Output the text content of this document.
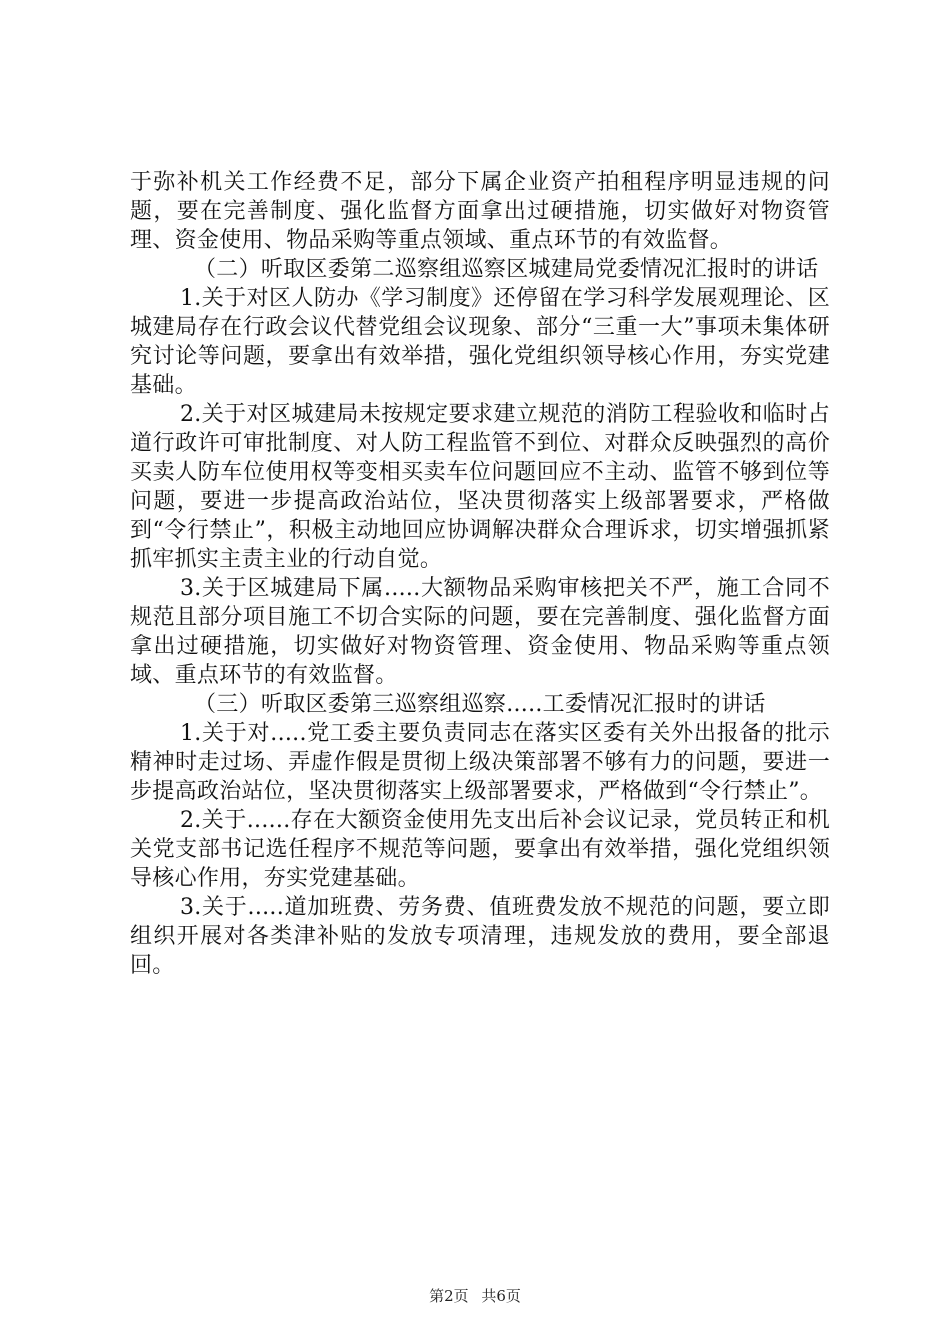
于弥补机关工作经费不足，部分下属企业资产拍租程序明显违规的问题，要在完善制度、强化监督方面拿出过硬措施，切实做好对物资管理、资金使用、物品采购等重点领域、重点环节的有效监督。

（二）听取区委第二巡察组巡察区城建局党委情况汇报时的讲话

1.关于对区人防办《学习制度》还停留在学习科学发展观理论、区城建局存在行政会议代替党组会议现象、部分“三重一大”事项未集体研究讨论等问题，要拿出有效举措，强化党组织领导核心作用，夯实党建基础。

2.关于对区城建局未按规定要求建立规范的消防工程验收和临时占道行政许可审批制度、对人防工程监管不到位、对群众反映强烈的高价买卖人防车位使用权等变相买卖车位问题回应不主动、监管不够到位等问题，要进一步提高政治站位，坚决贯彻落实上级部署要求，严格做到“令行禁止”，积极主动地回应协调解决群众合理诉求，切实增强抓紧抓牢抓实主责主业的行动自觉。

3.关于区城建局下属.....大额物品采购审核把关不严，施工合同不规范且部分项目施工不切合实际的问题，要在完善制度、强化监督方面拿出过硬措施，切实做好对物资管理、资金使用、物品采购等重点领域、重点环节的有效监督。

（三）听取区委第三巡察组巡察.....工委情况汇报时的讲话

1.关于对.....党工委主要负责同志在落实区委有关外出报备的批示精神时走过场、弄虚作假是贯彻上级决策部署不够有力的问题，要进一步提高政治站位，坚决贯彻落实上级部署要求，严格做到“令行禁止”。

2.关于......存在大额资金使用先支出后补会议记录，党员转正和机关党支部书记选任程序不规范等问题，要拿出有效举措，强化党组织领导核心作用，夯实党建基础。

3.关于.....道加班费、劳务费、值班费发放不规范的问题，要立即组织开展对各类津补贴的发放专项清理，违规发放的费用，要全部退回。

第2页 共6页
